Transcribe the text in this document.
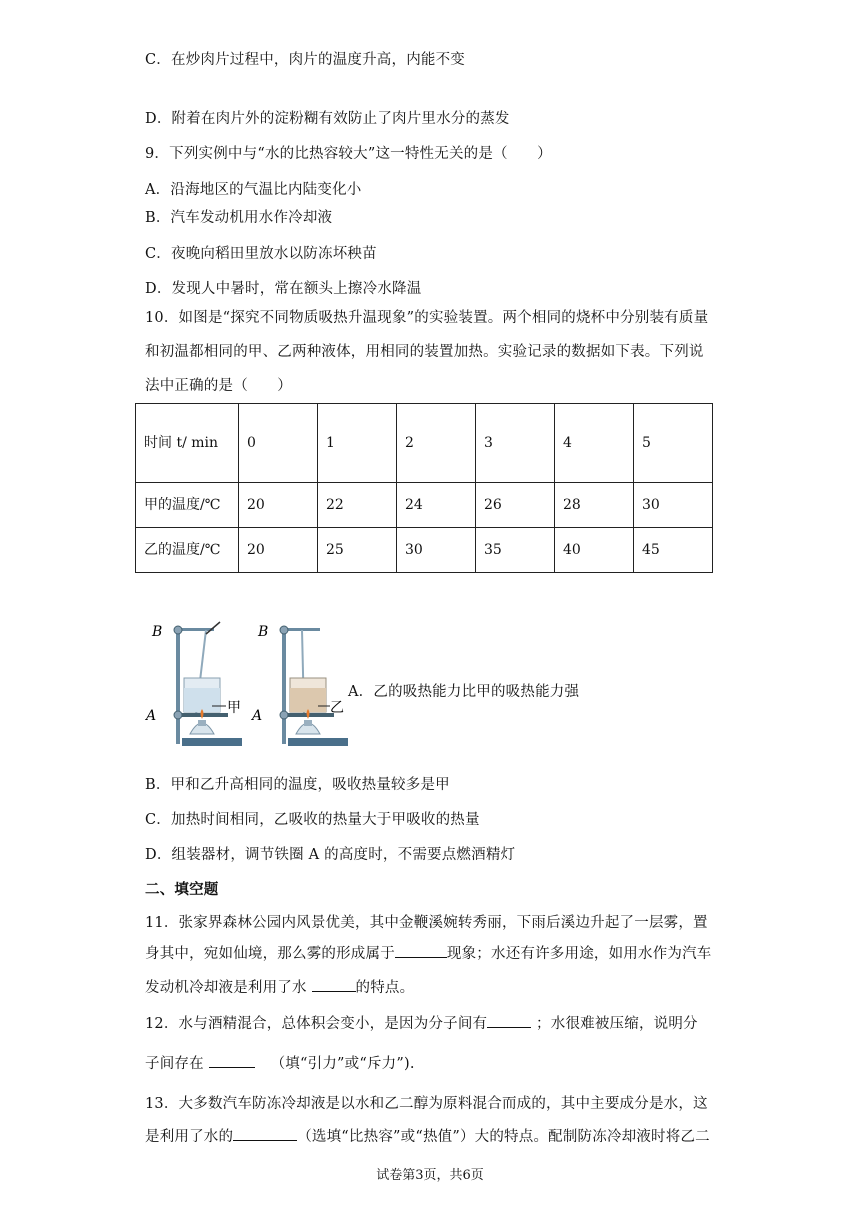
C．在炒肉片过程中，肉片的温度升高，内能不变
D．附着在肉片外的淀粉糊有效防止了肉片里水分的蒸发
9．下列实例中与“水的比热容较大”这一特性无关的是（　　）
A．沿海地区的气温比内陆变化小
B．汽车发动机用水作冷却液
C．夜晚向稻田里放水以防冻坏秧苗
D．发现人中暑时，常在额头上擦冷水降温
10．如图是“探究不同物质吸热升温现象”的实验装置。两个相同的烧杯中分别装有质量和初温都相同的甲、乙两种液体，用相同的装置加热。实验记录的数据如下表。下列说法中正确的是（　　）
时间 t/ min	0	1	2	3	4	5
甲的温度/℃	20	22	24	26	28	30
乙的温度/℃	20	25	30	35	40	45
B
A	甲
B
A	乙
A．乙的吸热能力比甲的吸热能力强
B．甲和乙升高相同的温度，吸收热量较多是甲
C．加热时间相同，乙吸收的热量大于甲吸收的热量
D．组装器材，调节铁圈 A 的高度时，不需要点燃酒精灯
二、填空题
11．张家界森林公园内风景优美，其中金鞭溪婉转秀丽，下雨后溪边升起了一层雾，置
身其中，宛如仙境，那么雾的形成属于	现象；水还有许多用途，如用水作为汽车
发动机冷却液是利用了水	的特点。
12．水与酒精混合，总体积会变小，是因为分子间有	；水很难被压缩，说明分
子间存在	（填“引力”或“斥力”).
13．大多数汽车防冻冷却液是以水和乙二醇为原料混合而成的，其中主要成分是水，这
是利用了水的	（选填“比热容”或“热值”）大的特点。配制防冻冷却液时将乙二
试卷第3页，共6页
